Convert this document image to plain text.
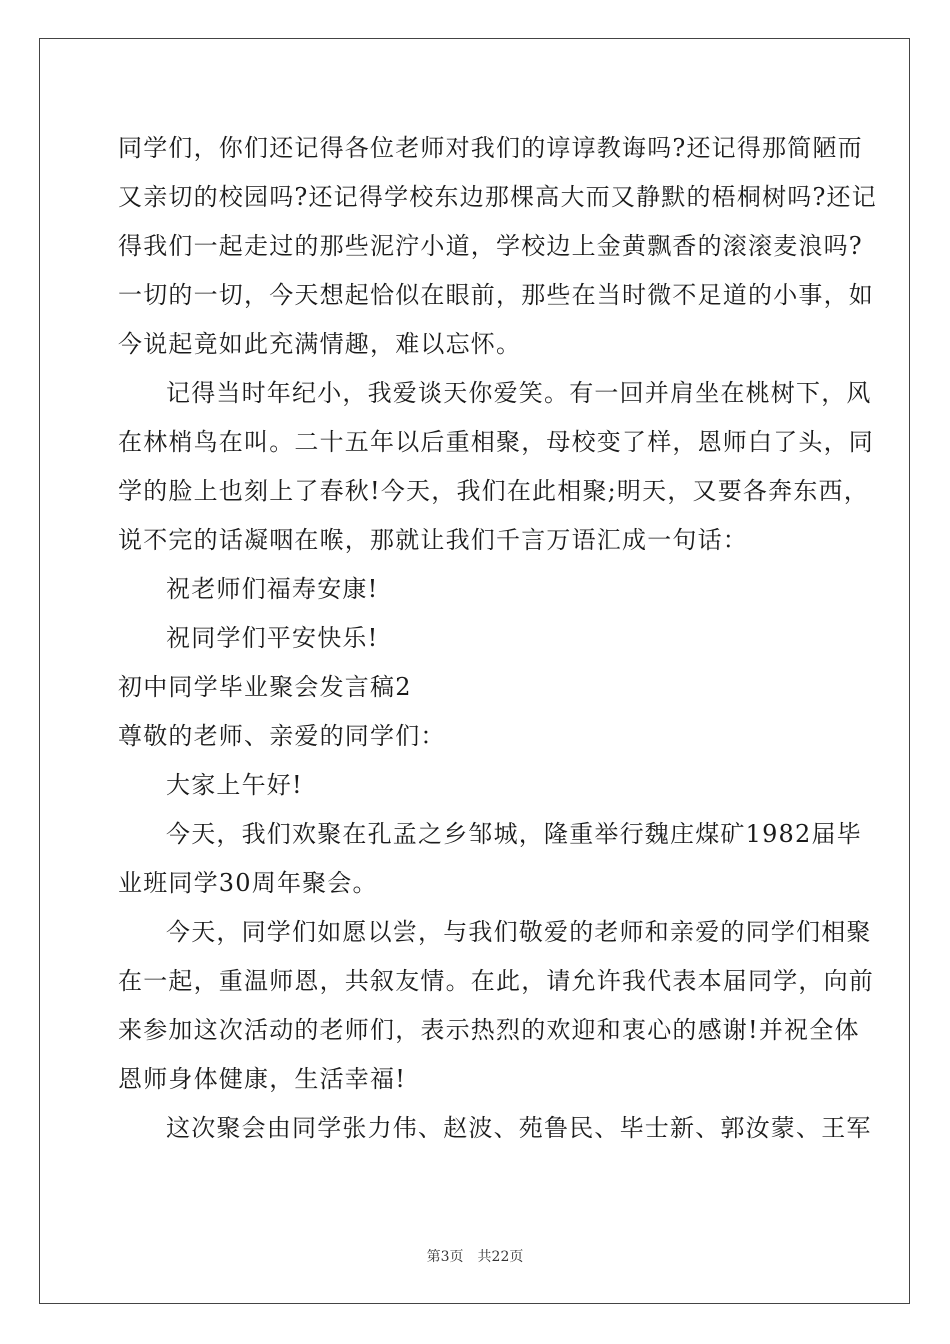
同学们，你们还记得各位老师对我们的谆谆教诲吗?还记得那简陋而
又亲切的校园吗?还记得学校东边那棵高大而又静默的梧桐树吗?还记
得我们一起走过的那些泥泞小道，学校边上金黄飘香的滚滚麦浪吗?
一切的一切，今天想起恰似在眼前，那些在当时微不足道的小事，如
今说起竟如此充满情趣，难以忘怀。
记得当时年纪小，我爱谈天你爱笑。有一回并肩坐在桃树下，风
在林梢鸟在叫。二十五年以后重相聚，母校变了样，恩师白了头，同
学的脸上也刻上了春秋!今天，我们在此相聚;明天，又要各奔东西，
说不完的话凝咽在喉，那就让我们千言万语汇成一句话：
祝老师们福寿安康!
祝同学们平安快乐!
初中同学毕业聚会发言稿2
尊敬的老师、亲爱的同学们：
大家上午好!
今天，我们欢聚在孔孟之乡邹城，隆重举行魏庄煤矿1982届毕
业班同学30周年聚会。
今天，同学们如愿以尝，与我们敬爱的老师和亲爱的同学们相聚
在一起，重温师恩，共叙友情。在此，请允许我代表本届同学，向前
来参加这次活动的老师们，表示热烈的欢迎和衷心的感谢!并祝全体
恩师身体健康，生活幸福!
这次聚会由同学张力伟、赵波、苑鲁民、毕士新、郭汝蒙、王军
第3页　共22页
